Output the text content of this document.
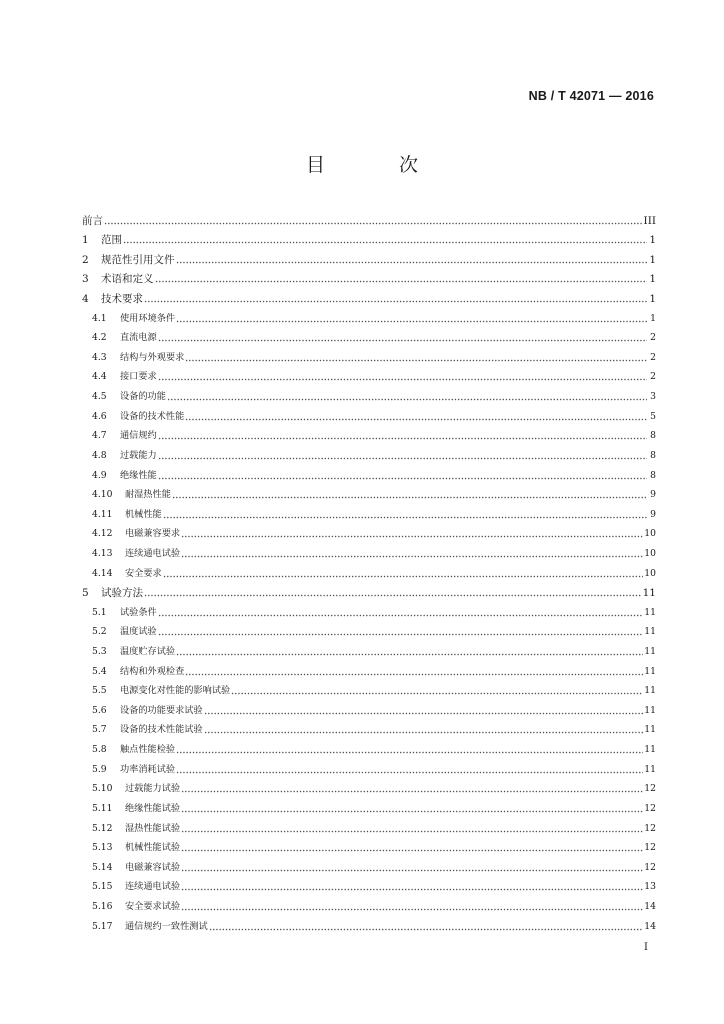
NB / T 42071 — 2016
目 次
前言	III
1	范围	1
2	规范性引用文件	1
3	术语和定义	1
4	技术要求	1
4.1	使用环境条件	1
4.2	直流电源	2
4.3	结构与外观要求	2
4.4	接口要求	2
4.5	设备的功能	3
4.6	设备的技术性能	5
4.7	通信规约	8
4.8	过载能力	8
4.9	绝缘性能	8
4.10	耐湿热性能	9
4.11	机械性能	9
4.12	电磁兼容要求	10
4.13	连续通电试验	10
4.14	安全要求	10
5	试验方法	11
5.1	试验条件	11
5.2	温度试验	11
5.3	温度贮存试验	11
5.4	结构和外观检查	11
5.5	电源变化对性能的影响试验	11
5.6	设备的功能要求试验	11
5.7	设备的技术性能试验	11
5.8	触点性能检验	11
5.9	功率消耗试验	11
5.10	过载能力试验	12
5.11	绝缘性能试验	12
5.12	湿热性能试验	12
5.13	机械性能试验	12
5.14	电磁兼容试验	12
5.15	连续通电试验	13
5.16	安全要求试验	14
5.17	通信规约一致性测试	14
I
